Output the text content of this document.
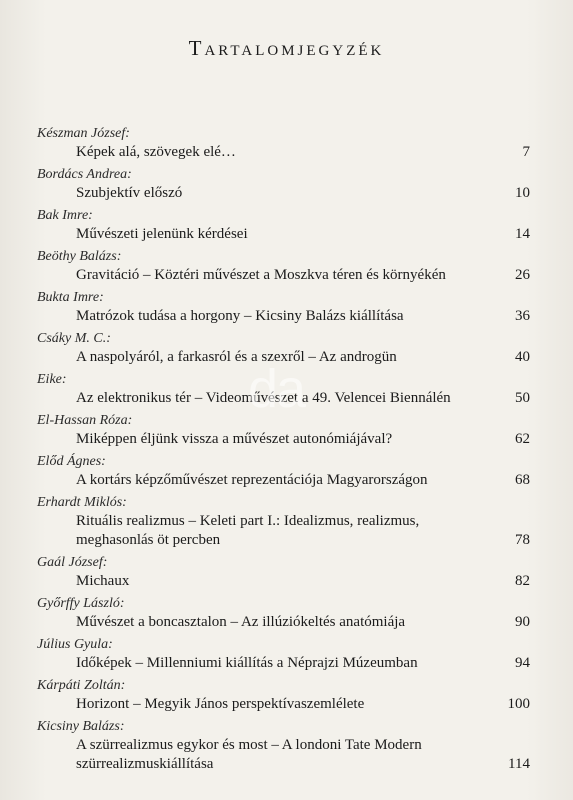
Tartalomjegyzék
Készman József:
Képek alá, szövegek elé…	7
Bordács Andrea:
Szubjektív előszó	10
Bak Imre:
Művészeti jelenünk kérdései	14
Beöthy Balázs:
Gravitáció – Köztéri művészet a Moszkva téren és környékén	26
Bukta Imre:
Matrózok tudása a horgony – Kicsiny Balázs kiállítása	36
Csáky M. C.:
A naspolyáról, a farkasról és a szexről – Az androgün	40
Eike:
Az elektronikus tér – Videoművészet a 49. Velencei Biennálén	50
El-Hassan Róza:
Miképpen éljünk vissza a művészet autonómiájával?	62
Előd Ágnes:
A kortárs képzőművészet reprezentációja Magyarországon	68
Erhardt Miklós:
Rituális realizmus – Keleti part I.: Idealizmus, realizmus,
meghasonlás öt percben	78
Gaál József:
Michaux	82
Győrffy László:
Művészet a boncasztalon – Az illúziókeltés anatómiája	90
Július Gyula:
Időképek – Millenniumi kiállítás a Néprajzi Múzeumban	94
Kárpáti Zoltán:
Horizont – Megyik János perspektívaszemlélete	100
Kicsiny Balázs:
A szürrealizmus egykor és most – A londoni Tate Modern
szürrealizmuskiállítása	114
da
